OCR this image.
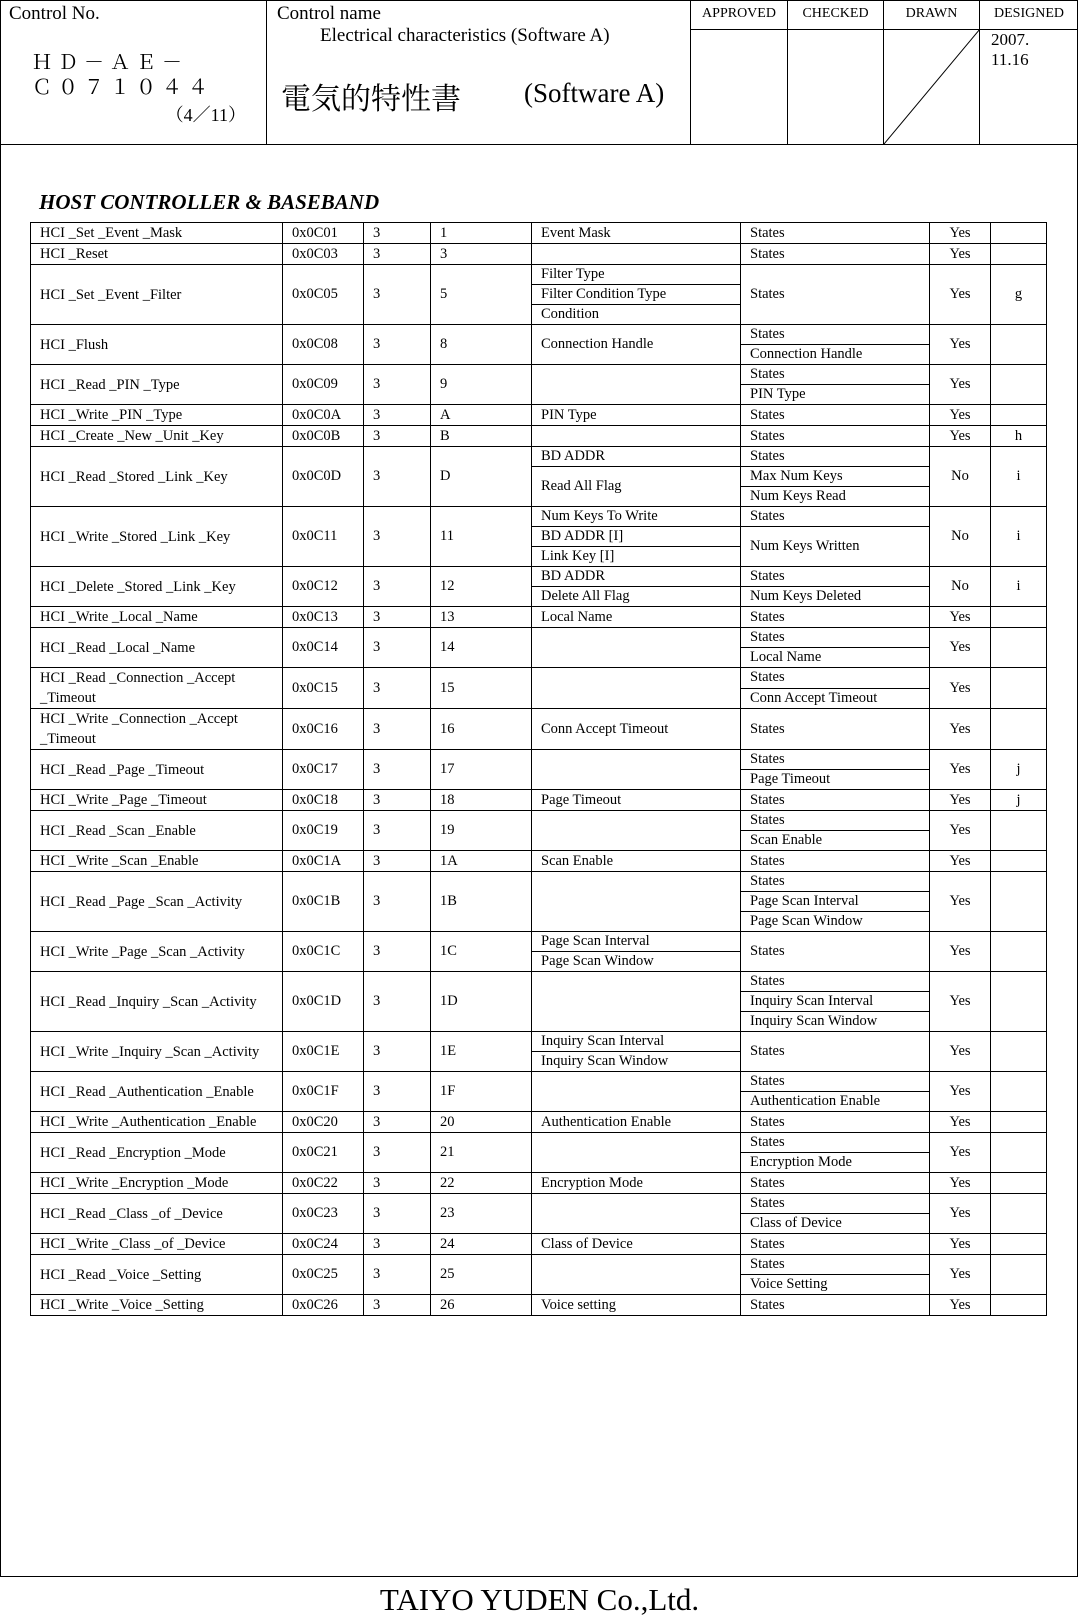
Control No.
ＨＤ－ＡＥ－
Ｃ０７１０４４
（4／11）
Control name
Electrical characteristics (Software A)
電気的特性書 (Software A)
APPROVED	CHECKED	DRAWN	DESIGNED
2007.
11.16
HOST CONTROLLER & BASEBAND
HCI _Set _Event _Mask	0x0C01	3	1	Event Mask	States	Yes	
HCI _Reset	0x0C03	3	3		States	Yes	
HCI _Set _Event _Filter	0x0C05	3	5	Filter Type	States	Yes	g
				Filter Condition Type			
				Condition			
HCI _Flush	0x0C08	3	8	Connection Handle	States	Yes	
					Connection Handle		
HCI _Read _PIN _Type	0x0C09	3	9		States	Yes	
					PIN Type		
HCI _Write _PIN _Type	0x0C0A	3	A	PIN Type	States	Yes	
HCI _Create _New _Unit _Key	0x0C0B	3	B		States	Yes	h
HCI _Read _Stored _Link _Key	0x0C0D	3	D	BD ADDR	States	No	i
				Read All Flag	Max Num Keys		
					Num Keys Read		
HCI _Write _Stored _Link _Key	0x0C11	3	11	Num Keys To Write	States	No	i
				BD ADDR [I]	Num Keys Written		
				Link Key [I]			
HCI _Delete _Stored _Link _Key	0x0C12	3	12	BD ADDR	States	No	i
				Delete All Flag	Num Keys Deleted		
HCI _Write _Local _Name	0x0C13	3	13	Local Name	States	Yes	
HCI _Read _Local _Name	0x0C14	3	14		States	Yes	
					Local Name		
HCI _Read _Connection _Accept _Timeout	0x0C15	3	15		States	Yes	
					Conn Accept Timeout		
HCI _Write _Connection _Accept _Timeout	0x0C16	3	16	Conn Accept Timeout	States	Yes	

HCI _Read _Page _Timeout	0x0C17	3	17		States	Yes	j
					Page Timeout		
HCI _Write _Page _Timeout	0x0C18	3	18	Page Timeout	States	Yes	j
HCI _Read _Scan _Enable	0x0C19	3	19		States	Yes	
					Scan Enable		
HCI _Write _Scan _Enable	0x0C1A	3	1A	Scan Enable	States	Yes	
HCI _Read _Page _Scan _Activity	0x0C1B	3	1B		States	Yes	
					Page Scan Interval		
					Page Scan Window		
HCI _Write _Page _Scan _Activity	0x0C1C	3	1C	Page Scan Interval	States	Yes	
				Page Scan Window			
HCI _Read _Inquiry _Scan _Activity	0x0C1D	3	1D		States	Yes	
					Inquiry Scan Interval		
					Inquiry Scan Window		
HCI _Write _Inquiry _Scan _Activity	0x0C1E	3	1E	Inquiry Scan Interval	States	Yes	
				Inquiry Scan Window			
HCI _Read _Authentication _Enable	0x0C1F	3	1F		States	Yes	
					Authentication Enable		
HCI _Write _Authentication _Enable	0x0C20	3	20	Authentication Enable	States	Yes	
HCI _Read _Encryption _Mode	0x0C21	3	21		States	Yes	
					Encryption Mode		
HCI _Write _Encryption _Mode	0x0C22	3	22	Encryption Mode	States	Yes	
HCI _Read _Class _of _Device	0x0C23	3	23		States	Yes	
					Class of Device		
HCI _Write _Class _of _Device	0x0C24	3	24	Class of Device	States	Yes	
HCI _Read _Voice _Setting	0x0C25	3	25		States	Yes	
					Voice Setting		
HCI _Write _Voice _Setting	0x0C26	3	26	Voice setting	States	Yes	
TAIYO YUDEN Co.,Ltd.
